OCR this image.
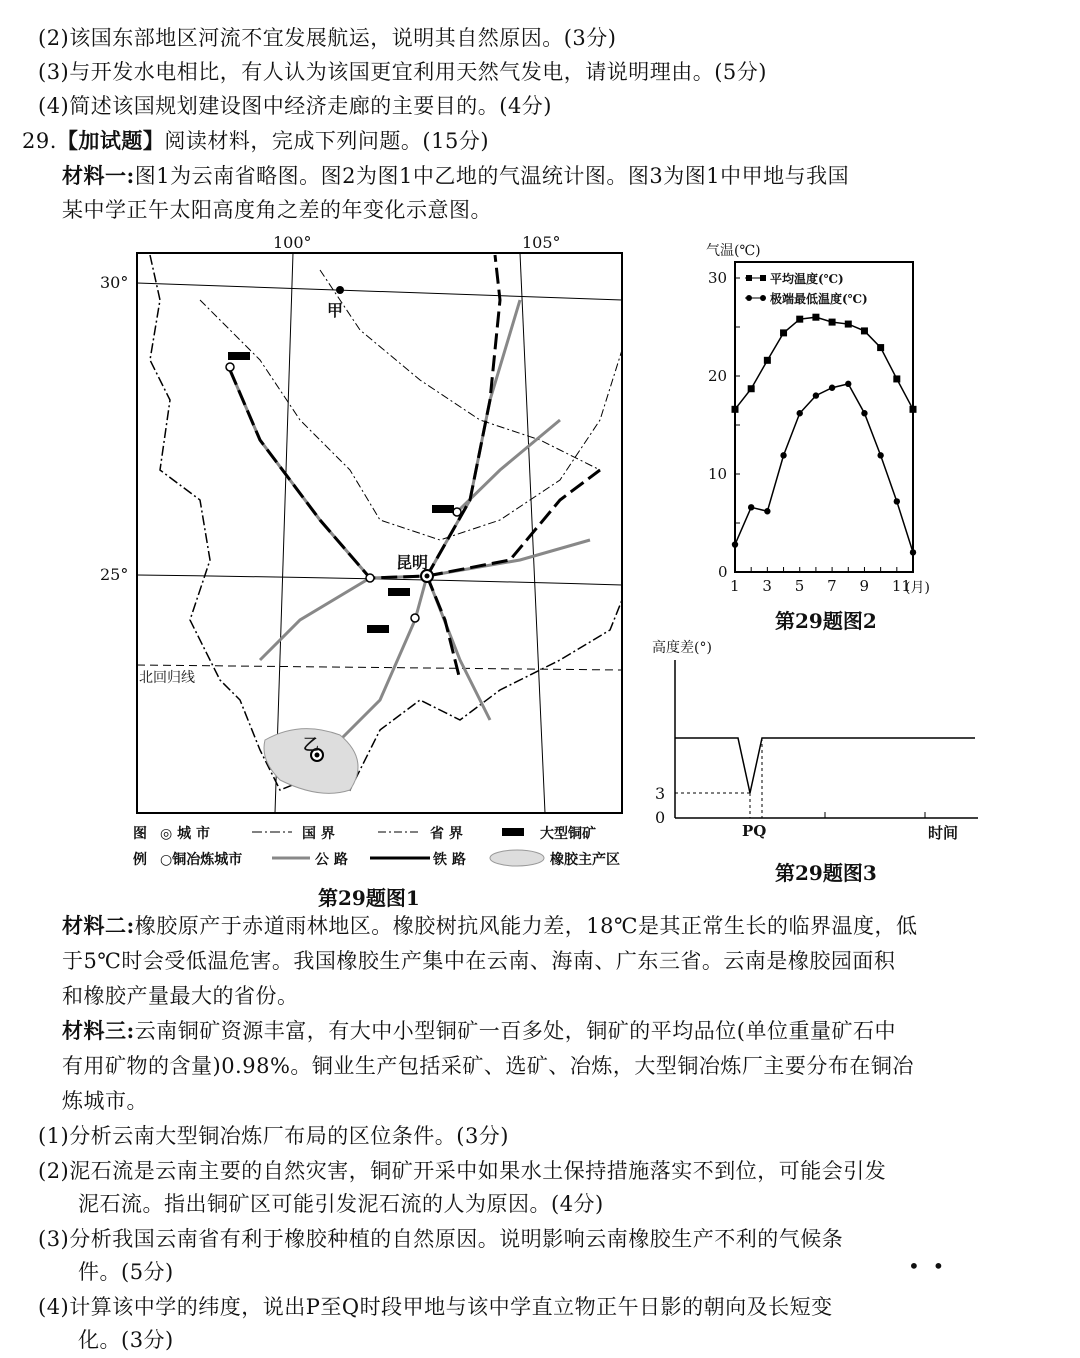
(2)该国东部地区河流不宜发展航运，说明其自然原因。(3分)
(3)与开发水电相比，有人认为该国更宜利用天然气发电，请说明理由。(5分)
(4)简述该国规划建设图中经济走廊的主要目的。(4分)
29.【加试题】阅读材料，完成下列问题。(15分)
材料一:图1为云南省略图。图2为图1中乙地的气温统计图。图3为图1中甲地与我国
某中学正午太阳高度角之差的年变化示意图。
100°	105°
30°
25°
北回归线
甲
昆明
乙
图
例
◎ 城 市
○铜冶炼城市
国 界	省 界	大型铜矿
公 路	铁 路	橡胶主产区
第29题图1
气温(℃)
0
10
20
30
1 3 5 7 9 11
(月)
平均温度(℃)
极端最低温度(℃)
第29题图2
高度差(°)
3
0
PQ	时间
第29题图3
材料二:橡胶原产于赤道雨林地区。橡胶树抗风能力差，18℃是其正常生长的临界温度，低
于5℃时会受低温危害。我国橡胶生产集中在云南、海南、广东三省。云南是橡胶园面积
和橡胶产量最大的省份。
材料三:云南铜矿资源丰富，有大中小型铜矿一百多处，铜矿的平均品位(单位重量矿石中
有用矿物的含量)0.98%。铜业生产包括采矿、选矿、冶炼，大型铜冶炼厂主要分布在铜冶
炼城市。
(1)分析云南大型铜冶炼厂布局的区位条件。(3分)
(2)泥石流是云南主要的自然灾害，铜矿开采中如果水土保持措施落实不到位，可能会引发
泥石流。指出铜矿区可能引发泥石流的人为原因。(4分)
(3)分析我国云南省有利于橡胶种植的自然原因。说明影响云南橡胶生产不利的气候条
件。(5分)
(4)计算该中学的纬度，说出P至Q时段甲地与该中学直立物正午日影的朝向及长短变
化。(3分)
•  •
